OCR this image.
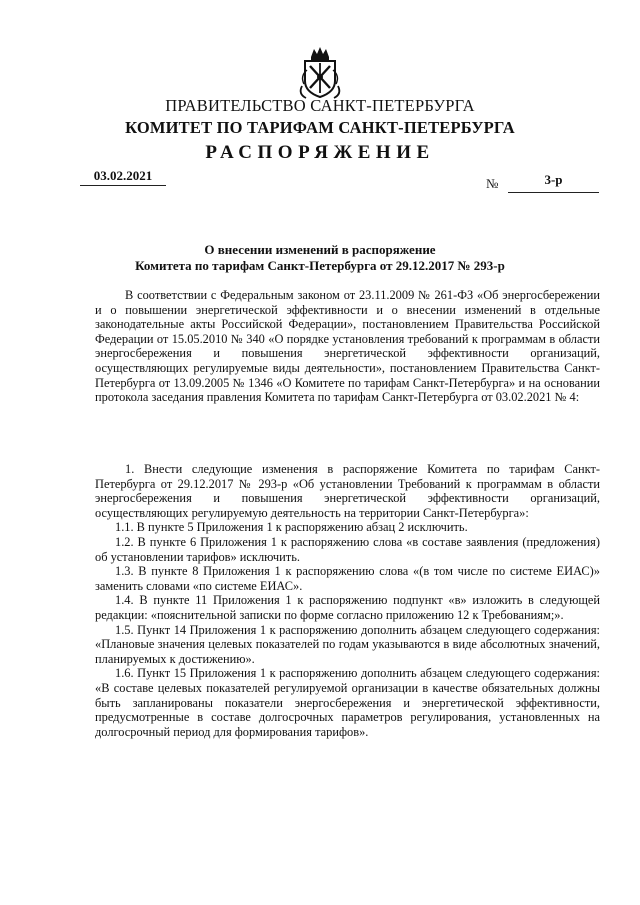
ПРАВИТЕЛЬСТВО САНКТ-ПЕТЕРБУРГА
КОМИТЕТ ПО ТАРИФАМ САНКТ-ПЕТЕРБУРГА
РАСПОРЯЖЕНИЕ
03.02.2021
№	3-р
О внесении изменений в распоряжение
Комитета по тарифам Санкт-Петербурга от 29.12.2017 № 293-р

В соответствии с Федеральным законом от 23.11.2009 № 261-ФЗ «Об энергосбережении и о повышении энергетической эффективности и о внесении изменений в отдельные законодательные акты Российской Федерации», постановлением Правительства Российской Федерации от 15.05.2010 № 340 «О порядке установления требований к программам в области энергосбережения и повышения энергетической эффективности организаций, осуществляющих регулируемые виды деятельности», постановлением Правительства Санкт-Петербурга от 13.09.2005 № 1346 «О Комитете по тарифам Санкт-Петербурга» и на основании протокола заседания правления Комитета по тарифам Санкт-Петербурга от 03.02.2021 № 4:

1. Внести следующие изменения в распоряжение Комитета по тарифам Санкт-Петербурга от 29.12.2017 № 293-р «Об установлении Требований к программам в области энергосбережения и повышения энергетической эффективности организаций, осуществляющих регулируемую деятельность на территории Санкт-Петербурга»:

1.1. В пункте 5 Приложения 1 к распоряжению абзац 2 исключить.

1.2. В пункте 6 Приложения 1 к распоряжению слова «в составе заявления (предложения) об установлении тарифов» исключить.

1.3. В пункте 8 Приложения 1 к распоряжению слова «(в том числе по системе ЕИАС)» заменить словами «по системе ЕИАС».

1.4. В пункте 11 Приложения 1 к распоряжению подпункт «в» изложить в следующей редакции: «пояснительной записки по форме согласно приложению 12 к Требованиям;».

1.5. Пункт 14 Приложения 1 к распоряжению дополнить абзацем следующего содержания: «Плановые значения целевых показателей по годам указываются в виде абсолютных значений, планируемых к достижению».

1.6. Пункт 15 Приложения 1 к распоряжению дополнить абзацем следующего содержания: «В составе целевых показателей регулируемой организации в качестве обязательных должны быть запланированы показатели энергосбережения и энергетической эффективности, предусмотренные в составе долгосрочных параметров регулирования, установленных на долгосрочный период для формирования тарифов».
